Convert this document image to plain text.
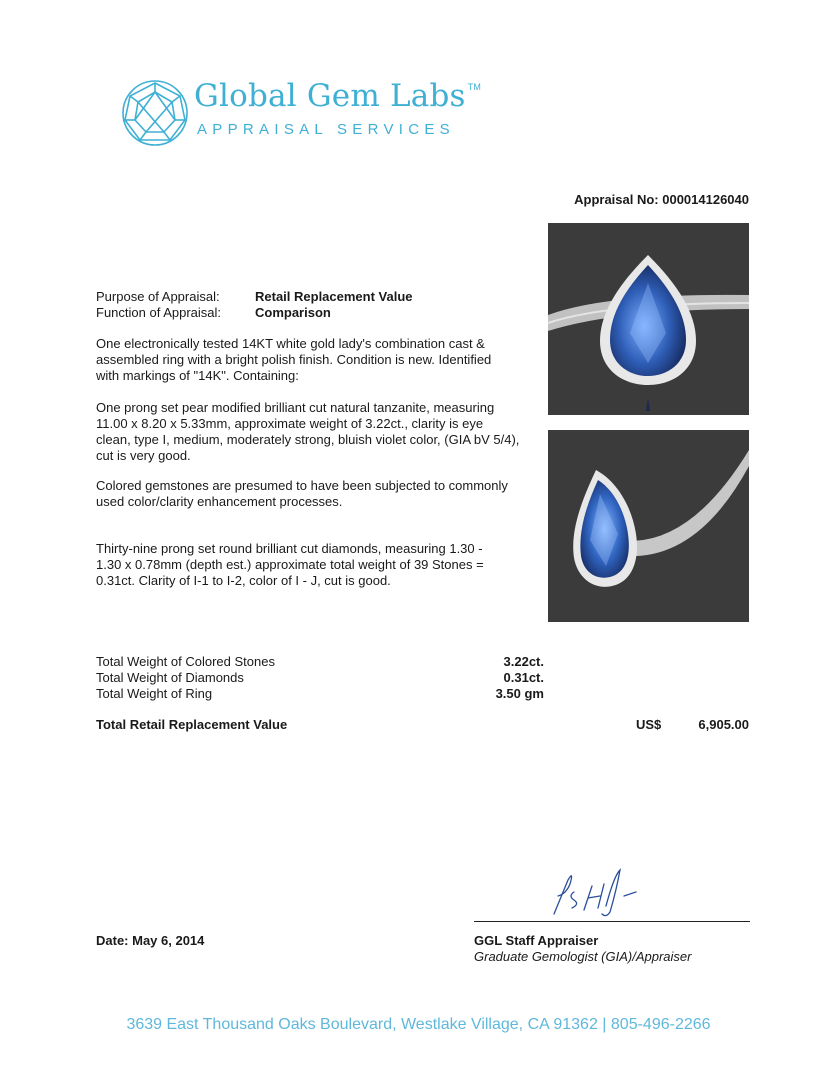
Global Gem Labs ™
APPRAISAL SERVICES
Appraisal No: 000014126040
Purpose of Appraisal:	Retail Replacement Value
Function of Appraisal:	Comparison
One electronically tested 14KT white gold lady's combination cast & assembled ring with a bright polish finish. Condition is new. Identified with markings of "14K". Containing:
One prong set pear modified brilliant cut natural tanzanite, measuring 11.00 x 8.20 x 5.33mm, approximate weight of 3.22ct., clarity is eye clean, type I, medium, moderately strong, bluish violet color, (GIA bV 5/4), cut is very good.
Colored gemstones are presumed to have been subjected to commonly used color/clarity enhancement processes.
Thirty-nine prong set round brilliant cut diamonds, measuring 1.30 - 1.30 x 0.78mm (depth est.) approximate total weight of 39 Stones = 0.31ct. Clarity of I-1 to I-2, color of I - J, cut is good.
Total Weight of Colored Stones	3.22ct.
Total Weight of Diamonds	0.31ct.
Total Weight of Ring	3.50 gm
Total Retail Replacement Value	US$	6,905.00
Date: May 6, 2014	GGL Staff Appraiser
Graduate Gemologist (GIA)/Appraiser
3639 East Thousand Oaks Boulevard, Westlake Village, CA 91362 | 805-496-2266
